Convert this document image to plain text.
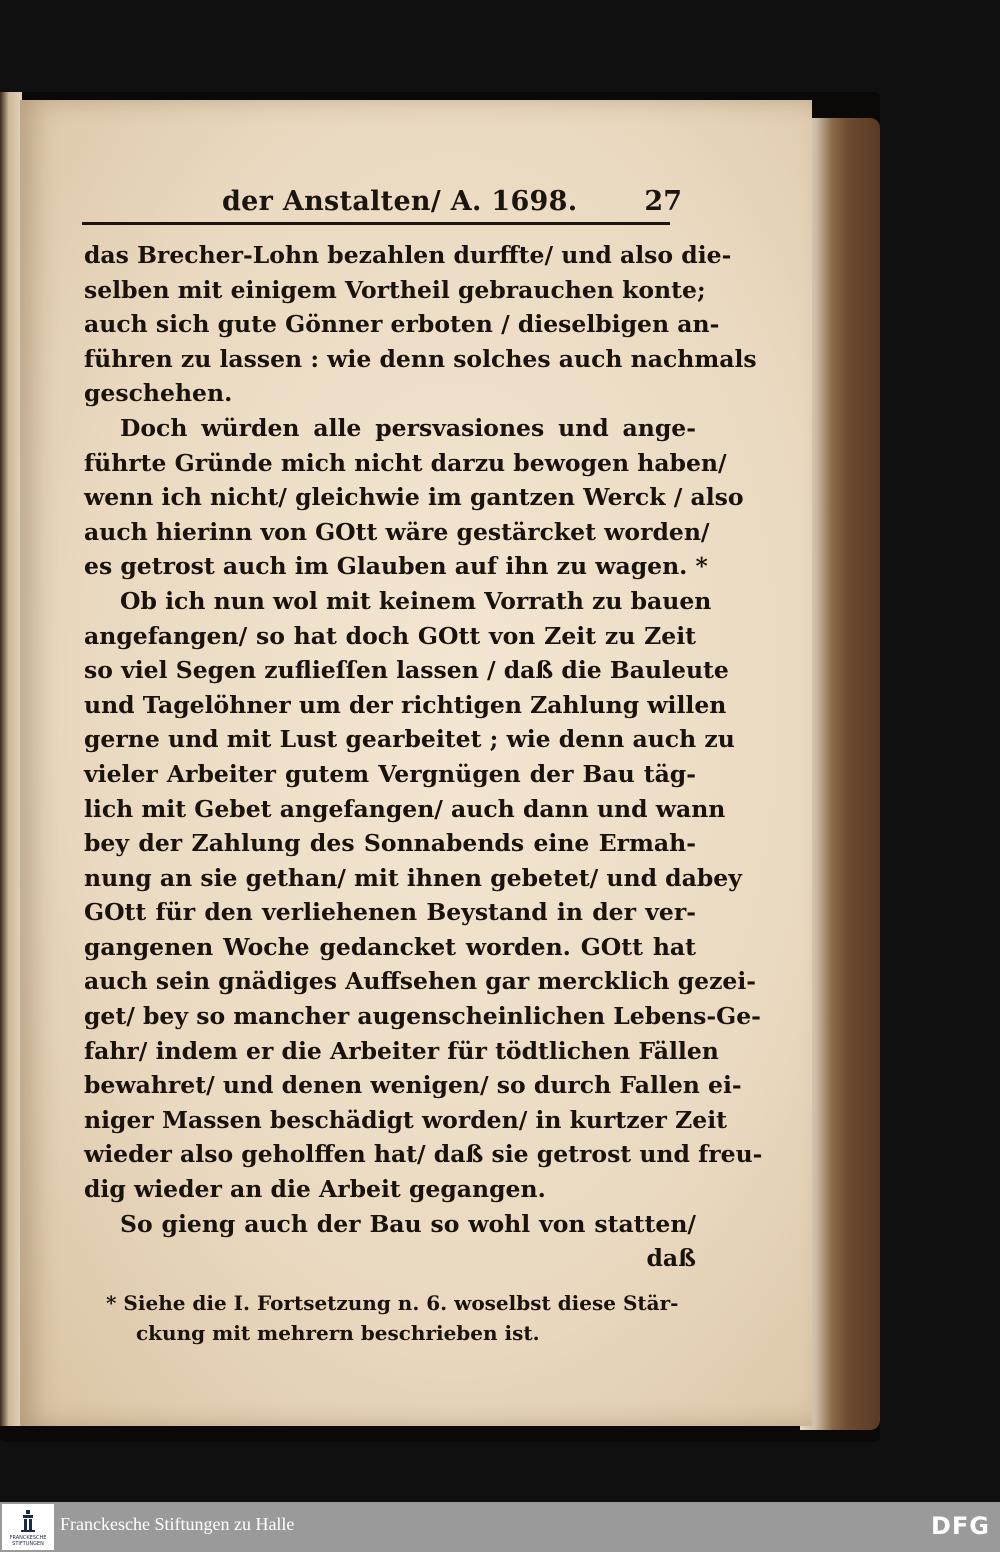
der Anstalten/ A. 1698. 27
das Brecher-Lohn bezahlen durffte/ und also die-
selben mit einigem Vortheil gebrauchen konte;
auch sich gute Gönner erboten / dieselbigen an-
führen zu lassen : wie denn solches auch nachmals
geschehen.
Doch würden alle persvasiones und ange-
führte Gründe mich nicht darzu bewogen haben/
wenn ich nicht/ gleichwie im gantzen Werck / also
auch hierinn von GOtt wäre gestärcket worden/
es getrost auch im Glauben auf ihn zu wagen. *
Ob ich nun wol mit keinem Vorrath zu bauen
angefangen/ so hat doch GOtt von Zeit zu Zeit
so viel Segen zuflieſſen lassen / daß die Bauleute
und Tagelöhner um der richtigen Zahlung willen
gerne und mit Lust gearbeitet ; wie denn auch zu
vieler Arbeiter gutem Vergnügen der Bau täg-
lich mit Gebet angefangen/ auch dann und wann
bey der Zahlung des Sonnabends eine Ermah-
nung an sie gethan/ mit ihnen gebetet/ und dabey
GOtt für den verliehenen Beystand in der ver-
gangenen Woche gedancket worden. GOtt hat
auch sein gnädiges Auffsehen gar mercklich gezei-
get/ bey so mancher augenscheinlichen Lebens-Ge-
fahr/ indem er die Arbeiter für tödtlichen Fällen
bewahret/ und denen wenigen/ so durch Fallen ei-
niger Massen beschädigt worden/ in kurtzer Zeit
wieder also geholffen hat/ daß sie getrost und freu-
dig wieder an die Arbeit gegangen.
So gieng auch der Bau so wohl von statten/
daß
* Siehe die I. Fortsetzung n. 6. woselbst diese Stär-
ckung mit mehrern beschrieben ist.
FRANCKESCHE STIFTUNGEN
Franckesche Stiftungen zu Halle	DFG
